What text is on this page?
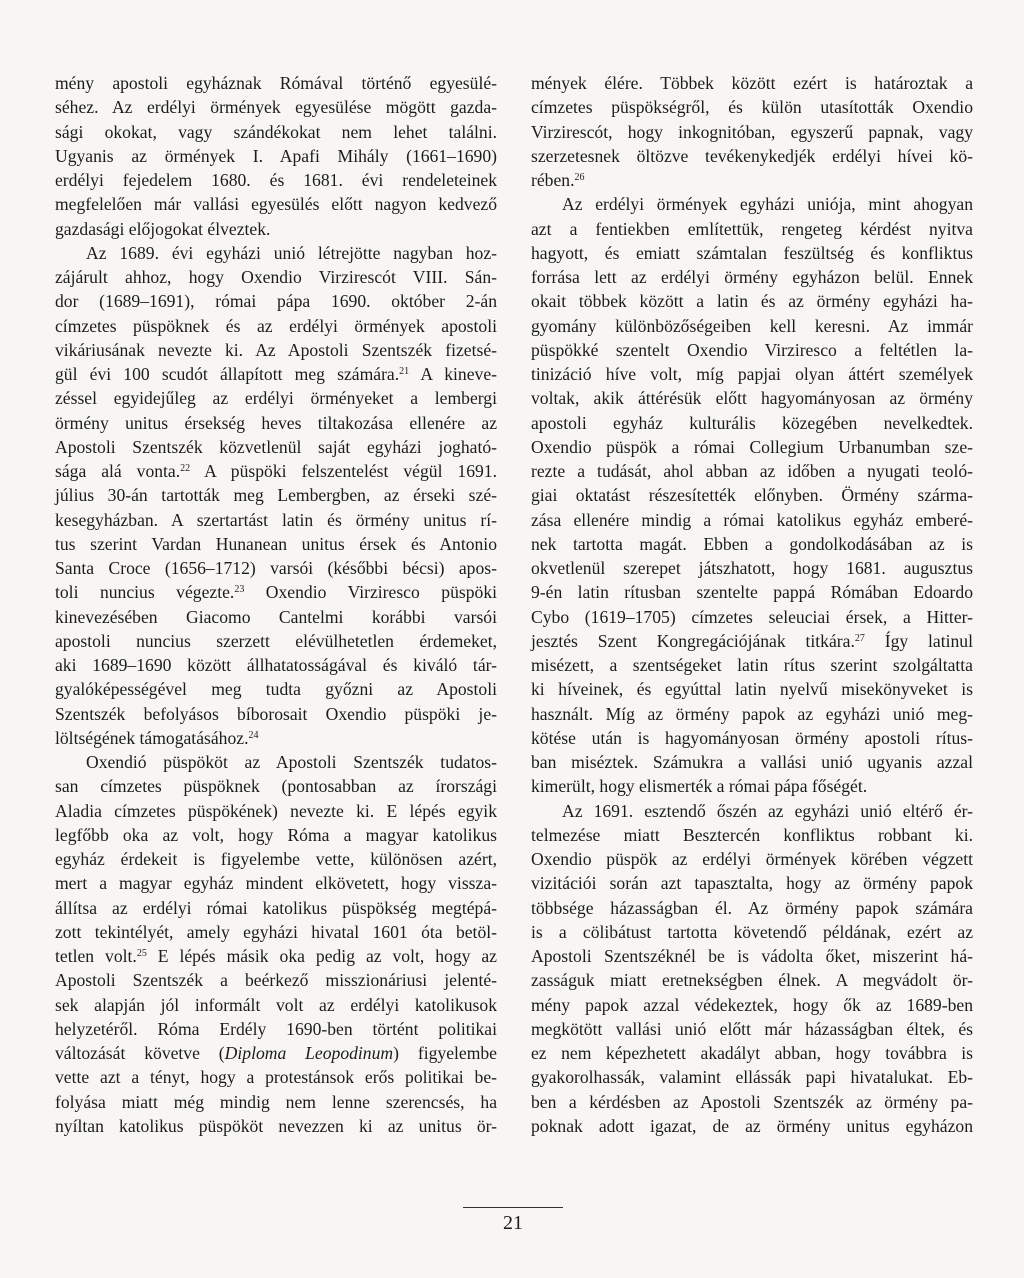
mény apostoli egyháznak Rómával történő egyesülé-
séhez. Az erdélyi örmények egyesülése mögött gazda-
sági okokat, vagy szándékokat nem lehet találni.
Ugyanis az örmények I. Apafi Mihály (1661–1690)
erdélyi fejedelem 1680. és 1681. évi rendeleteinek
megfelelően már vallási egyesülés előtt nagyon kedvező
gazdasági előjogokat élveztek.
Az 1689. évi egyházi unió létrejötte nagyban hoz-
zájárult ahhoz, hogy Oxendio Virzirescót VIII. Sán-
dor (1689–1691), római pápa 1690. október 2-án
címzetes püspöknek és az erdélyi örmények apostoli
vikáriusának nevezte ki. Az Apostoli Szentszék fizetsé-
gül évi 100 scudót állapított meg számára.$^{21}$ A kineve-
zéssel egyidejűleg az erdélyi örményeket a lembergi
örmény unitus érsekség heves tiltakozása ellenére az
Apostoli Szentszék közvetlenül saját egyházi jogható-
sága alá vonta.$^{22}$ A püspöki felszentelést végül 1691.
július 30-án tartották meg Lembergben, az érseki szé-
kesegyházban. A szertartást latin és örmény unitus rí-
tus szerint Vardan Hunanean unitus érsek és Antonio
Santa Croce (1656–1712) varsói (későbbi bécsi) apos-
toli nuncius végezte.$^{23}$ Oxendio Virziresco püspöki
kinevezésében Giacomo Cantelmi korábbi varsói
apostoli nuncius szerzett elévülhetetlen érdemeket,
aki 1689–1690 között állhatatosságával és kiváló tár-
gyalóképességével meg tudta győzni az Apostoli
Szentszék befolyásos bíborosait Oxendio püspöki je-
löltségének támogatásához.$^{24}$
Oxendió püspököt az Apostoli Szentszék tudatos-
san címzetes püspöknek (pontosabban az írországi
Aladia címzetes püspökének) nevezte ki. E lépés egyik
legfőbb oka az volt, hogy Róma a magyar katolikus
egyház érdekeit is figyelembe vette, különösen azért,
mert a magyar egyház mindent elkövetett, hogy vissza-
állítsa az erdélyi római katolikus püspökség megtépá-
zott tekintélyét, amely egyházi hivatal 1601 óta betöl-
tetlen volt.$^{25}$ E lépés másik oka pedig az volt, hogy az
Apostoli Szentszék a beérkező misszionáriusi jelenté-
sek alapján jól informált volt az erdélyi katolikusok
helyzetéről. Róma Erdély 1690-ben történt politikai
változását követve (Diploma Leopodinum) figyelembe
vette azt a tényt, hogy a protestánsok erős politikai be-
folyása miatt még mindig nem lenne szerencsés, ha
nyíltan katolikus püspököt nevezzen ki az unitus ör-
mények élére. Többek között ezért is határoztak a
címzetes püspökségről, és külön utasították Oxendio
Virzirescót, hogy inkognitóban, egyszerű papnak, vagy
szerzetesnek öltözve tevékenykedjék erdélyi hívei kö-
rében.$^{26}$
Az erdélyi örmények egyházi uniója, mint ahogyan
azt a fentiekben említettük, rengeteg kérdést nyitva
hagyott, és emiatt számtalan feszültség és konfliktus
forrása lett az erdélyi örmény egyházon belül. Ennek
okait többek között a latin és az örmény egyházi ha-
gyomány különbözőségeiben kell keresni. Az immár
püspökké szentelt Oxendio Virziresco a feltétlen la-
tinizáció híve volt, míg papjai olyan áttért személyek
voltak, akik áttérésük előtt hagyományosan az örmény
apostoli egyház kulturális közegében nevelkedtek.
Oxendio püspök a római Collegium Urbanumban sze-
rezte a tudását, ahol abban az időben a nyugati teoló-
giai oktatást részesítették előnyben. Örmény szárma-
zása ellenére mindig a római katolikus egyház emberé-
nek tartotta magát. Ebben a gondolkodásában az is
okvetlenül szerepet játszhatott, hogy 1681. augusztus
9-én latin rítusban szentelte pappá Rómában Edoardo
Cybo (1619–1705) címzetes seleuciai érsek, a Hitter-
jesztés Szent Kongregációjának titkára.$^{27}$ Így latinul
misézett, a szentségeket latin rítus szerint szolgáltatta
ki híveinek, és egyúttal latin nyelvű misekönyveket is
használt. Míg az örmény papok az egyházi unió meg-
kötése után is hagyományosan örmény apostoli rítus-
ban miséztek. Számukra a vallási unió ugyanis azzal
kimerült, hogy elismerték a római pápa főségét.
Az 1691. esztendő őszén az egyházi unió eltérő ér-
telmezése miatt Besztercén konfliktus robbant ki.
Oxendio püspök az erdélyi örmények körében végzett
vizitációi során azt tapasztalta, hogy az örmény papok
többsége házasságban él. Az örmény papok számára
is a cölibátust tartotta követendő példának, ezért az
Apostoli Szentszéknél be is vádolta őket, miszerint há-
zasságuk miatt eretnekségben élnek. A megvádolt ör-
mény papok azzal védekeztek, hogy ők az 1689-ben
megkötött vallási unió előtt már házasságban éltek, és
ez nem képezhetett akadályt abban, hogy továbbra is
gyakorolhassák, valamint ellássák papi hivatalukat. Eb-
ben a kérdésben az Apostoli Szentszék az örmény pa-
poknak adott igazat, de az örmény unitus egyházon
21
